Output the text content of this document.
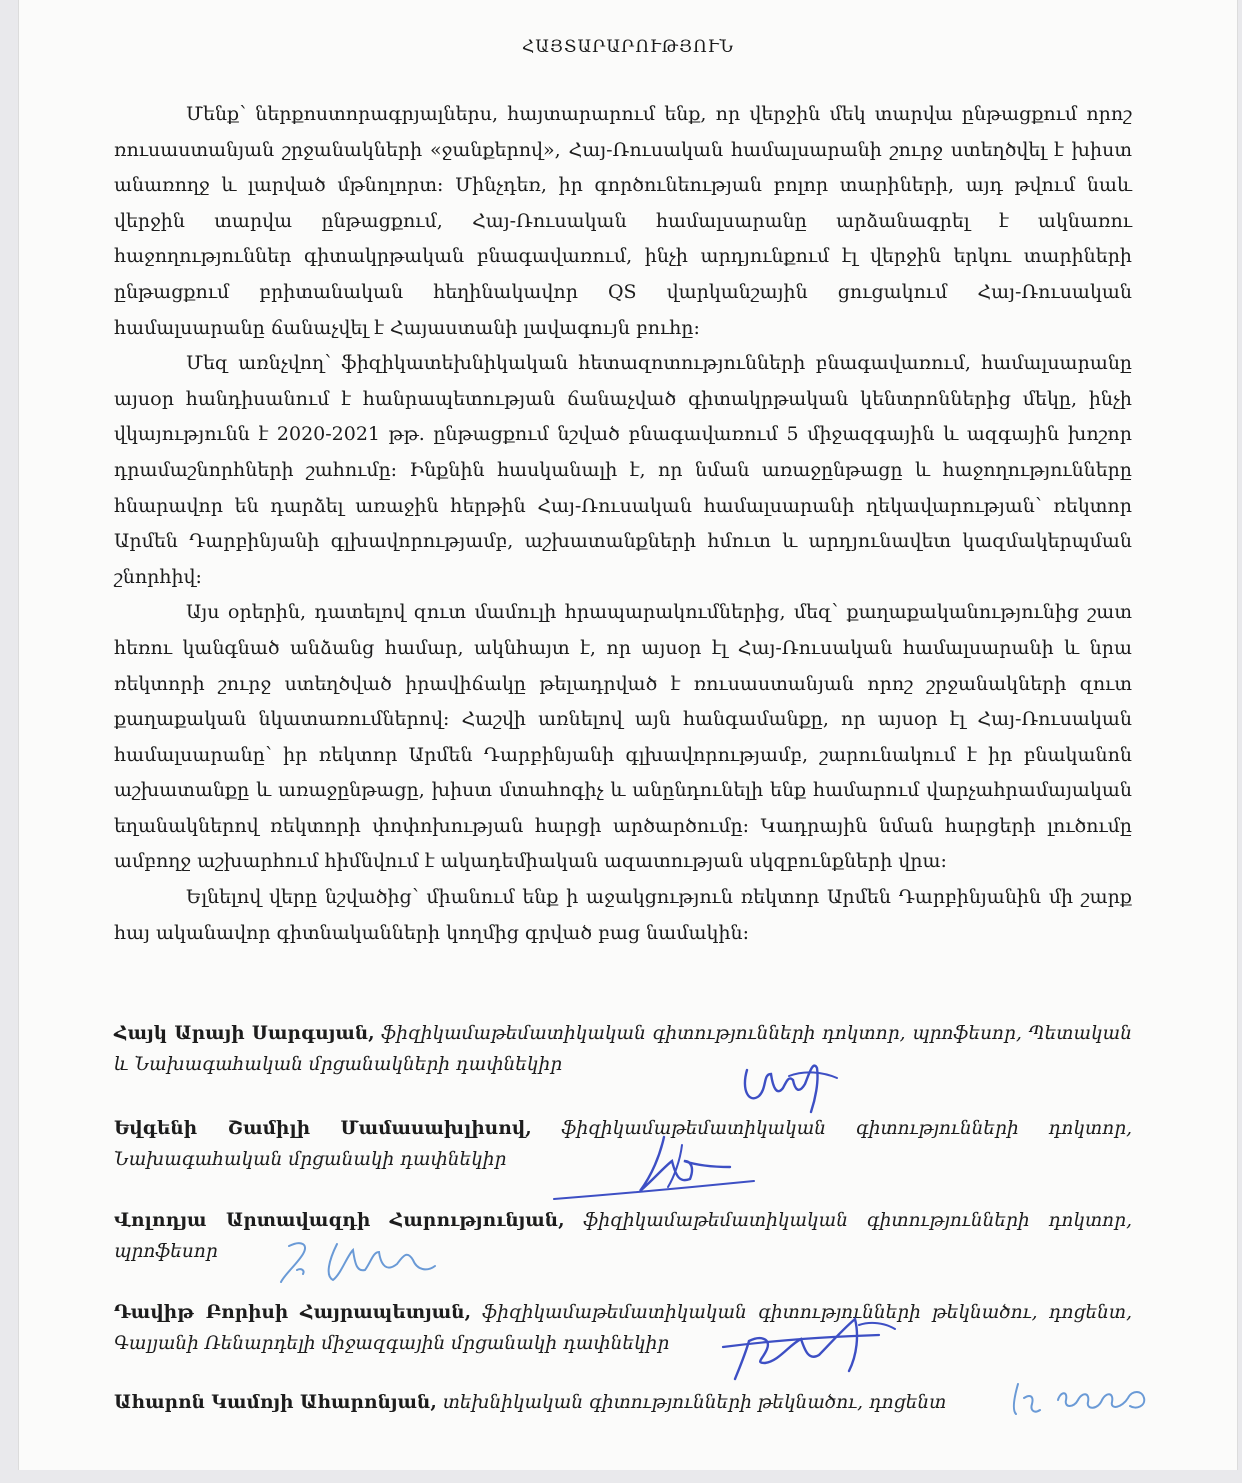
ՀԱՅՏԱՐԱՐՈՒԹՅՈՒՆ

Մենք՝ ներքոստորագրյալներս, հայտարարում ենք, որ վերջին մեկ տարվա ընթացքում որոշ ռուսաստանյան շրջանակների «ջանքերով», Հայ-Ռուսական համալսարանի շուրջ ստեղծվել է խիստ անառողջ և լարված մթնոլորտ: Մինչդեռ, իր գործունեության բոլոր տարիների, այդ թվում նաև վերջին տարվա ընթացքում, Հայ-Ռուսական համալսարանը արձանագրել է ակնառու հաջողություններ գիտակրթական բնագավառում, ինչի արդյունքում էլ վերջին երկու տարիների ընթացքում բրիտանական հեղինակավոր QS վարկանշային ցուցակում Հայ-Ռուսական համալսարանը ճանաչվել է Հայաստանի լավագույն բուհը:

Մեզ առնչվող՝ ֆիզիկատեխնիկական հետազոտությունների բնագավառում, համալսարանը այսօր հանդիսանում է հանրապետության ճանաչված գիտակրթական կենտրոններից մեկը, ինչի վկայությունն է 2020-2021 թթ. ընթացքում նշված բնագավառում 5 միջազգային և ազգային խոշոր դրամաշնորհների շահումը: Ինքնին հասկանալի է, որ նման առաջընթացը և հաջողությունները հնարավոր են դարձել առաջին հերթին Հայ-Ռուսական համալսարանի ղեկավարության՝ ռեկտոր Արմեն Դարբինյանի գլխավորությամբ, աշխատանքների հմուտ և արդյունավետ կազմակերպման շնորհիվ:

Այս օրերին, դատելով զուտ մամուլի հրապարակումներից, մեզ՝ քաղաքականությունից շատ հեռու կանգնած անձանց համար, ակնհայտ է, որ այսօր էլ Հայ-Ռուսական համալսարանի և նրա ռեկտորի շուրջ ստեղծված իրավիճակը թելադրված է ռուսաստանյան որոշ շրջանակների զուտ քաղաքական նկատառումներով: Հաշվի առնելով այն հանգամանքը, որ այսօր էլ Հայ-Ռուսական համալսարանը՝ իր ռեկտոր Արմեն Դարբինյանի գլխավորությամբ, շարունակում է իր բնականոն աշխատանքը և առաջընթացը, խիստ մտահոգիչ և անընդունելի ենք համարում վարչահրամայական եղանակներով ռեկտորի փոփոխության հարցի արծարծումը: Կադրային նման հարցերի լուծումը ամբողջ աշխարհում հիմնվում է ակադեմիական ազատության սկզբունքների վրա:

Ելնելով վերը նշվածից՝ միանում ենք ի աջակցություն ռեկտոր Արմեն Դարբինյանին մի շարք հայ ականավոր գիտնականների կողմից գրված բաց նամակին:

Հայկ Արայի Սարգսյան, ֆիզիկամաթեմատիկական գիտությունների դոկտոր, պրոֆեսոր, Պետական և Նախագահական մրցանակների դափնեկիր
Եվգենի Շամիլի Մամասախլիսով, ֆիզիկամաթեմատիկական գիտությունների դոկտոր, Նախագահական մրցանակի դափնեկիր
Վոլոդյա Արտավազդի Հարությունյան, ֆիզիկամաթեմատիկական գիտությունների դոկտոր, պրոֆեսոր
Դավիթ Բորիսի Հայրապետյան, ֆիզիկամաթեմատիկական գիտությունների թեկնածու, դոցենտ, Գալյանի Ռենարդելի միջազգային մրցանակի դափնեկիր
Ահարոն Կամոյի Ահարոնյան, տեխնիկական գիտությունների թեկնածու, դոցենտ
